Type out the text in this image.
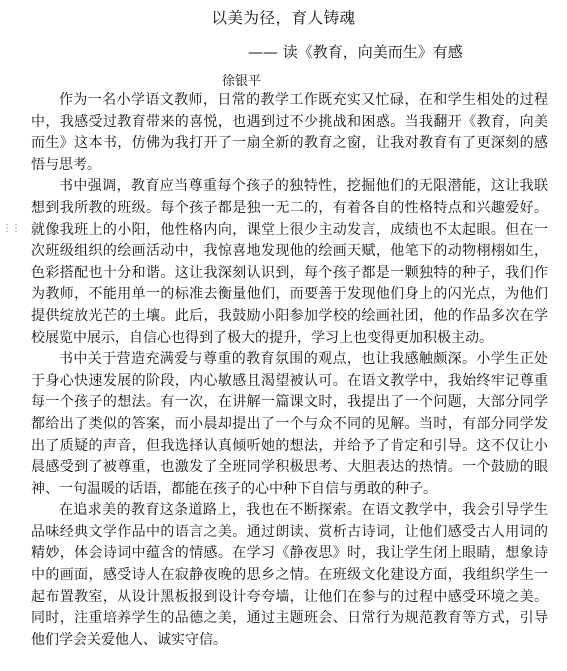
以美为径，育人铸魂
—— 读《教育，向美而生》有感
徐银平
⋮⋮

作为一名小学语文教师，日常的教学工作既充实又忙碌，在和学生相处的过程中，我感受过教育带来的喜悦，也遇到过不少挑战和困惑。当我翻开《教育，向美而生》这本书，仿佛为我打开了一扇全新的教育之窗，让我对教育有了更深刻的感悟与思考。

书中强调，教育应当尊重每个孩子的独特性，挖掘他们的无限潜能，这让我联想到我所教的班级。每个孩子都是独一无二的，有着各自的性格特点和兴趣爱好。就像我班上的小阳，他性格内向，课堂上很少主动发言，成绩也不太起眼。但在一次班级组织的绘画活动中，我惊喜地发现他的绘画天赋，他笔下的动物栩栩如生，色彩搭配也十分和谐。这让我深刻认识到，每个孩子都是一颗独特的种子，我们作为教师，不能用单一的标准去衡量他们，而要善于发现他们身上的闪光点，为他们提供绽放光芒的土壤。此后，我鼓励小阳参加学校的绘画社团，他的作品多次在学校展览中展示，自信心也得到了极大的提升，学习上也变得更加积极主动。

书中关于营造充满爱与尊重的教育氛围的观点，也让我感触颇深。小学生正处于身心快速发展的阶段，内心敏感且渴望被认可。在语文教学中，我始终牢记尊重每一个孩子的想法。有一次，在讲解一篇课文时，我提出了一个问题，大部分同学都给出了类似的答案，而小晨却提出了一个与众不同的见解。当时，有部分同学发出了质疑的声音，但我选择认真倾听她的想法，并给予了肯定和引导。这不仅让小晨感受到了被尊重，也激发了全班同学积极思考、大胆表达的热情。一个鼓励的眼神、一句温暖的话语，都能在孩子的心中种下自信与勇敢的种子。

在追求美的教育这条道路上，我也在不断探索。在语文教学中，我会引导学生品味经典文学作品中的语言之美。通过朗读、赏析古诗词，让他们感受古人用词的精妙，体会诗词中蕴含的情感。在学习《静夜思》时，我让学生闭上眼睛，想象诗中的画面，感受诗人在寂静夜晚的思乡之情。在班级文化建设方面，我组织学生一起布置教室，从设计黑板报到设计夸夸墙，让他们在参与的过程中感受环境之美。同时，注重培养学生的品德之美，通过主题班会、日常行为规范教育等方式，引导他们学会关爱他人、诚实守信。
